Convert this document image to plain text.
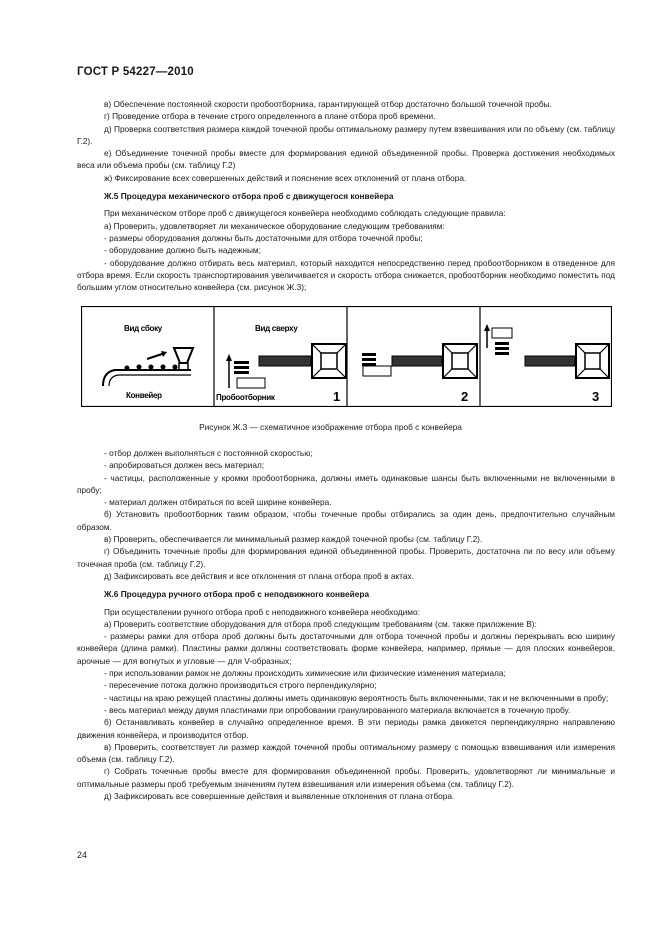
ГОСТ Р 54227—2010

в) Обеспечение постоянной скорости пробоотборника, гарантирующей отбор достаточно большой точечной пробы.

г) Проведение отбора в течение строго определенного в плане отбора проб времени.

д) Проверка соответствия размера каждой точечной пробы оптимальному размеру путем взвешивания или по объему (см. таблицу Г.2).

е) Объединение точечной пробы вместе для формирования единой объединенной пробы. Проверка достижения необходимых веса или объема пробы (см. таблицу Г.2)

ж) Фиксирование всех совершенных действий и пояснение всех отклонений от плана отбора.

Ж.5 Процедура механического отбора проб с движущегося конвейера

При механическом отборе проб с движущегося конвейера необходимо соблюдать следующие правила:

а) Проверить, удовлетворяет ли механическое оборудование следующим требованиям:

- размеры оборудования должны быть достаточными для отбора точечной пробы;

- оборудование должно быть надежным;

- оборудование должно отбирать весь материал, который находится непосредственно перед пробоотборником в отведенное для отбора время. Если скорость транспортирования увеличивается и скорость отбора снижается, пробоотборник необходимо поместить под большим углом относительно конвейера (см. рисунок Ж.3);

Вид сбоку
Конвейер
Вид сверху
Пробоотборник	1	2	3
Рисунок Ж.3 — схематичное изображение отбора проб с конвейера

- отбор должен выполняться с постоянной скоростью;

- апробироваться должен весь материал;

- частицы, расположенные у кромки пробоотборника, должны иметь одинаковые шансы быть включенными не включенными в пробу;

- материал должен отбираться по всей ширине конвейера.

б) Установить пробоотборник таким образом, чтобы точечные пробы отбирались за один день, предпочтительно случайным образом.

в) Проверить, обеспечивается ли минимальный размер каждой точечной пробы (см. таблицу Г.2).

г) Объединить точечные пробы для формирования единой объединенной пробы. Проверить, достаточна ли по весу или объему точечная проба (см. таблицу Г.2).

д) Зафиксировать все действия и все отклонения от плана отбора проб в актах.

Ж.6 Процедура ручного отбора проб с неподвижного конвейера

При осуществлении ручного отбора проб с неподвижного конвейера необходимо:

а) Проверить соответствие оборудования для отбора проб следующим требованиям (см. также приложение В):

- размеры рамки для отбора проб должны быть достаточными для отбора точечной пробы и должны перекрывать всю ширину конвейера (длина рамки). Пластины рамки должны соответствовать форме конвейера, например, прямые — для плоских конвейеров, арочные — для вогнутых и угловые — для V-образных;

- при использовании рамок не должны происходить химические или физические изменения материала;

- пересечение потока должно производиться строго перпендикулярно;

- частицы на краю режущей пластины должны иметь одинаковую вероятность быть включенными, так и не включенными в пробу;

- весь материал между двумя пластинами при опробовании гранулированного материала включается в точечную пробу.

б) Останавливать конвейер в случайно определенное время. В эти периоды рамка движется перпендикулярно направлению движения конвейера, и производится отбор.

в) Проверить, соответствует ли размер каждой точечной пробы оптимальному размеру с помощью взвешивания или измерения объема (см. таблицу Г.2).

г) Собрать точечные пробы вместе для формирования объединенной пробы. Проверить, удовлетворяют ли минимальные и оптимальные размеры проб требуемым значениям путем взвешивания или измерения объема (см. таблицу Г.2).

д) Зафиксировать все совершенные действия и выявленные отклонения от плана отбора.

24
